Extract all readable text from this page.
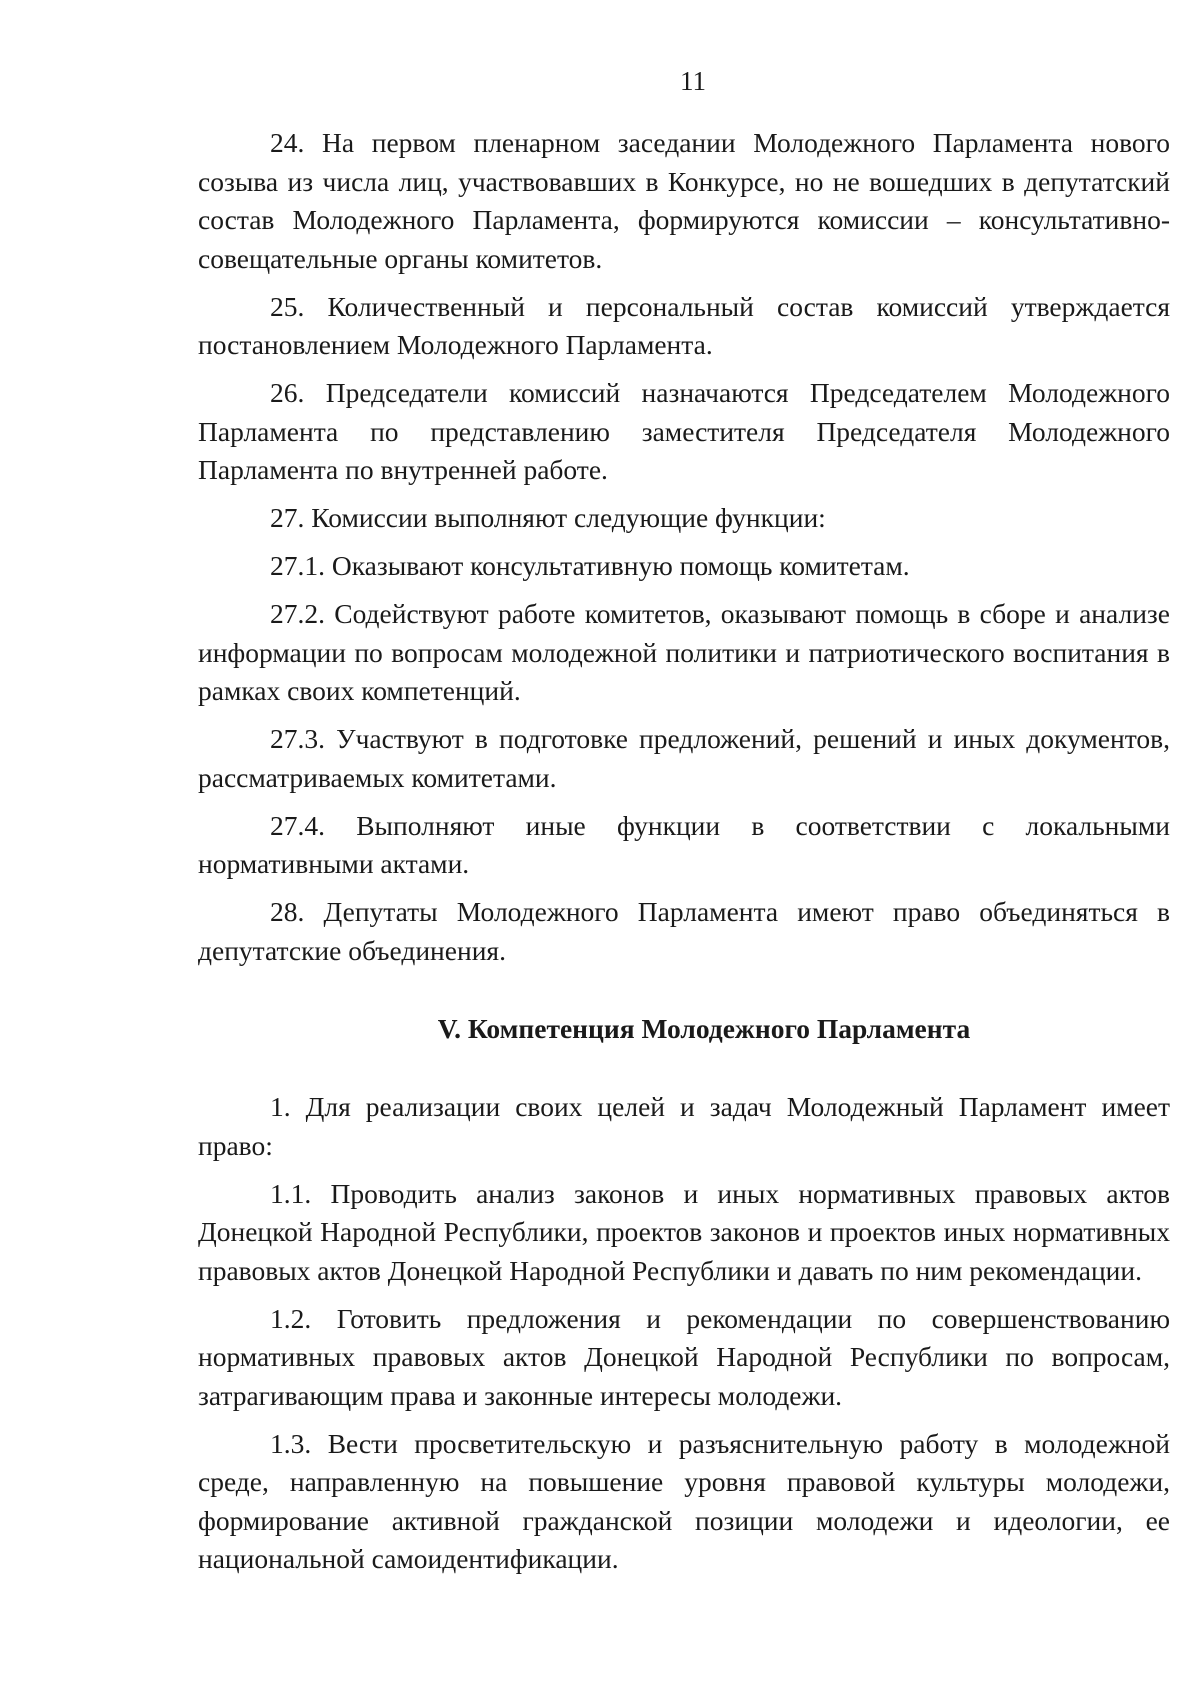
11

24. На первом пленарном заседании Молодежного Парламента нового созыва из числа лиц, участвовавших в Конкурсе, но не вошедших в депутатский состав Молодежного Парламента, формируются комиссии – консультативно-совещательные органы комитетов.

25. Количественный и персональный состав комиссий утверждается постановлением Молодежного Парламента.

26. Председатели комиссий назначаются Председателем Молодежного Парламента по представлению заместителя Председателя Молодежного Парламента по внутренней работе.

27. Комиссии выполняют следующие функции:

27.1. Оказывают консультативную помощь комитетам.

27.2. Содействуют работе комитетов, оказывают помощь в сборе и анализе информации по вопросам молодежной политики и патриотического воспитания в рамках своих компетенций.

27.3. Участвуют в подготовке предложений, решений и иных документов, рассматриваемых комитетами.

27.4. Выполняют иные функции в соответствии с локальными нормативными актами.

28. Депутаты Молодежного Парламента имеют право объединяться в депутатские объединения.

V. Компетенция Молодежного Парламента

1. Для реализации своих целей и задач Молодежный Парламент имеет право:

1.1. Проводить анализ законов и иных нормативных правовых актов Донецкой Народной Республики, проектов законов и проектов иных нормативных правовых актов Донецкой Народной Республики и давать по ним рекомендации.

1.2. Готовить предложения и рекомендации по совершенствованию нормативных правовых актов Донецкой Народной Республики по вопросам, затрагивающим права и законные интересы молодежи.

1.3. Вести просветительскую и разъяснительную работу в молодежной среде, направленную на повышение уровня правовой культуры молодежи, формирование активной гражданской позиции молодежи и идеологии, ее национальной самоидентификации.
